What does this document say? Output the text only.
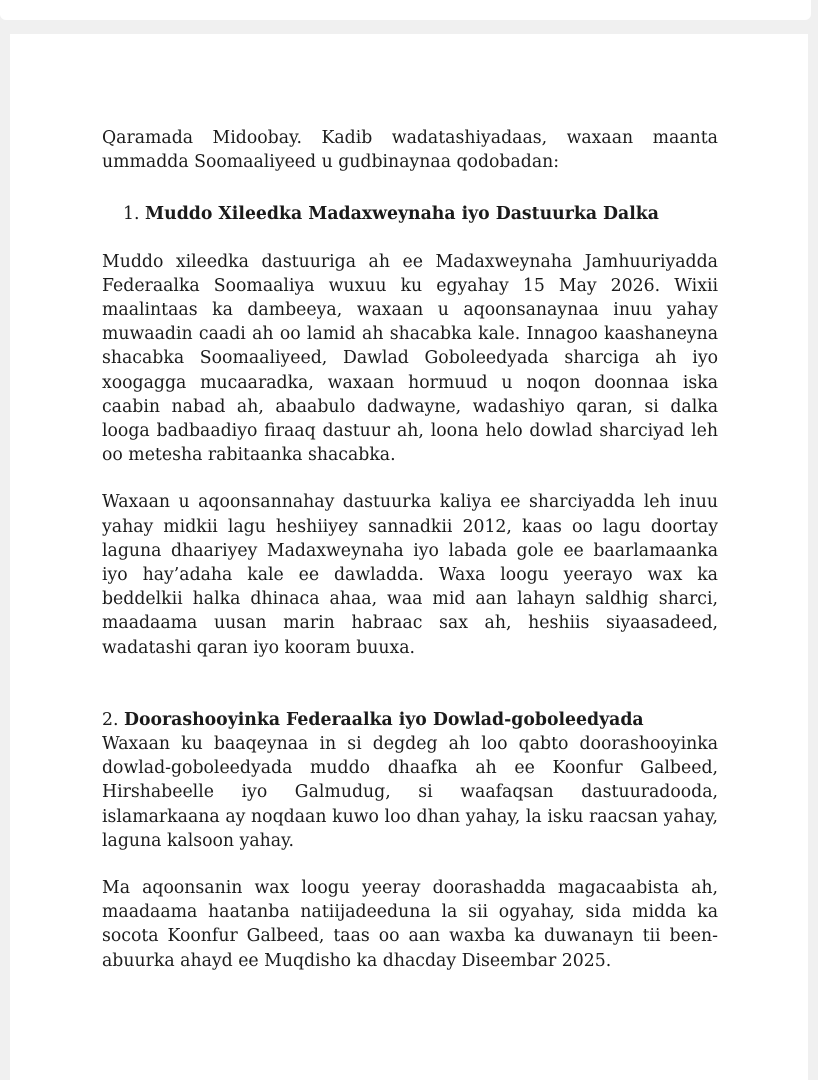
Qaramada Midoobay. Kadib wadatashiyadaas, waxaan maanta ummadda Soomaaliyeed u gudbinaynaa qodobadan:

1. Muddo Xileedka Madaxweynaha iyo Dastuurka Dalka

Muddo xileedka dastuuriga ah ee Madaxweynaha Jamhuuriyadda Federaalka Soomaaliya wuxuu ku egyahay 15 May 2026. Wixii maalintaas ka dambeeya, waxaan u aqoonsanaynaa inuu yahay muwaadin caadi ah oo lamid ah shacabka kale. Innagoo kaashaneyna shacabka Soomaaliyeed, Dawlad Goboleedyada sharciga ah iyo xoogagga mucaaradka, waxaan hormuud u noqon doonnaa iska caabin nabad ah, abaabulo dadwayne, wadashiyo qaran, si dalka looga badbaadiyo firaaq dastuur ah, loona helo dowlad sharciyad leh oo metesha rabitaanka shacabka.

Waxaan u aqoonsannahay dastuurka kaliya ee sharciyadda leh inuu yahay midkii lagu heshiiyey sannadkii 2012, kaas oo lagu doortay laguna dhaariyey Madaxweynaha iyo labada gole ee baarlamaanka iyo hay’adaha kale ee dawladda. Waxa loogu yeerayo wax ka beddelkii halka dhinaca ahaa, waa mid aan lahayn saldhig sharci, maadaama uusan marin habraac sax ah, heshiis siyaasadeed, wadatashi qaran iyo kooram buuxa.

2. Doorashooyinka Federaalka iyo Dowlad-goboleedyada

Waxaan ku baaqeynaa in si degdeg ah loo qabto doorashooyinka dowlad-goboleedyada muddo dhaafka ah ee Koonfur Galbeed, Hirshabeelle iyo Galmudug, si waafaqsan dastuuradooda, islamarkaana ay noqdaan kuwo loo dhan yahay, la isku raacsan yahay, laguna kalsoon yahay.

Ma aqoonsanin wax loogu yeeray doorashadda magacaabista ah, maadaama haatanba natiijadeeduna la sii ogyahay, sida midda ka socota Koonfur Galbeed, taas oo aan waxba ka duwanayn tii been-abuurka ahayd ee Muqdisho ka dhacday Diseembar 2025.
